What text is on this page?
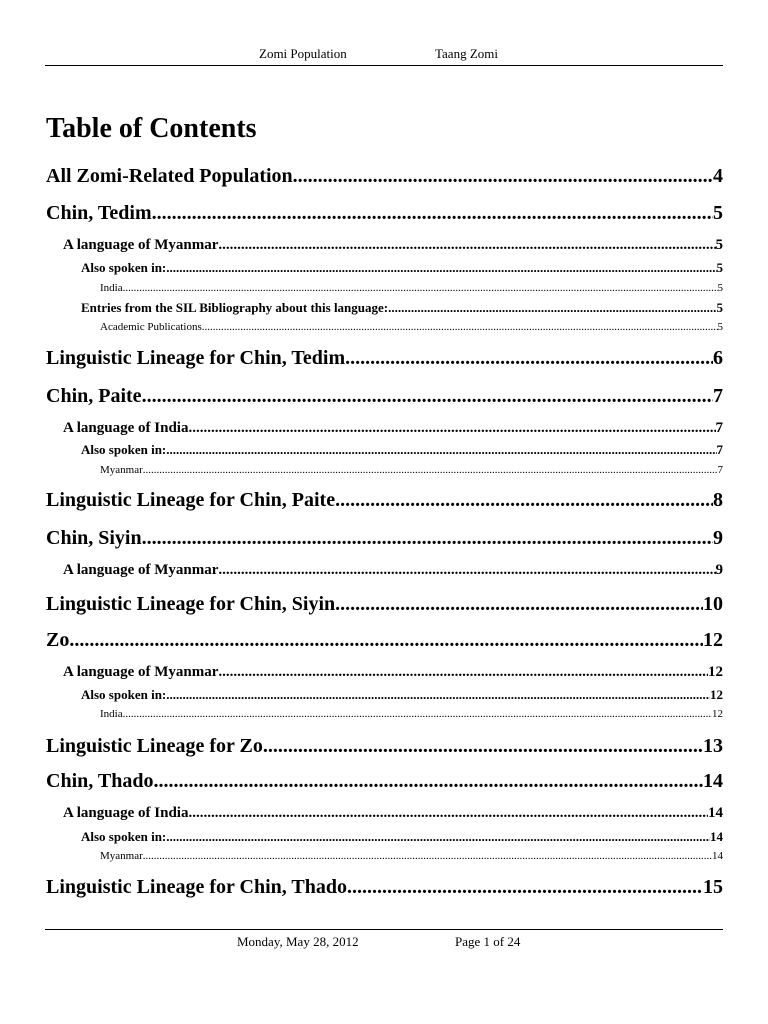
Zomi Population	Taang Zomi
Table of Contents
All Zomi-Related Population .....	4
Chin, Tedim .....	5
A language of Myanmar .....	5
Also spoken in: .....	5
India .....	5
Entries from the SIL Bibliography about this language: .....	5
Academic Publications .....	5
Linguistic Lineage for Chin, Tedim .....	6
Chin, Paite .....	7
A language of India .....	7
Also spoken in: .....	7
Myanmar .....	7
Linguistic Lineage for Chin, Paite .....	8
Chin, Siyin .....	9
A language of Myanmar .....	9
Linguistic Lineage for Chin, Siyin .....	10
Zo .....	12
A language of Myanmar .....	12
Also spoken in: .....	12
India .....	12
Linguistic Lineage for Zo .....	13
Chin, Thado .....	14
A language of India .....	14
Also spoken in: .....	14
Myanmar .....	14
Linguistic Lineage for Chin, Thado .....	15
Monday, May 28, 2012	Page 1 of 24
